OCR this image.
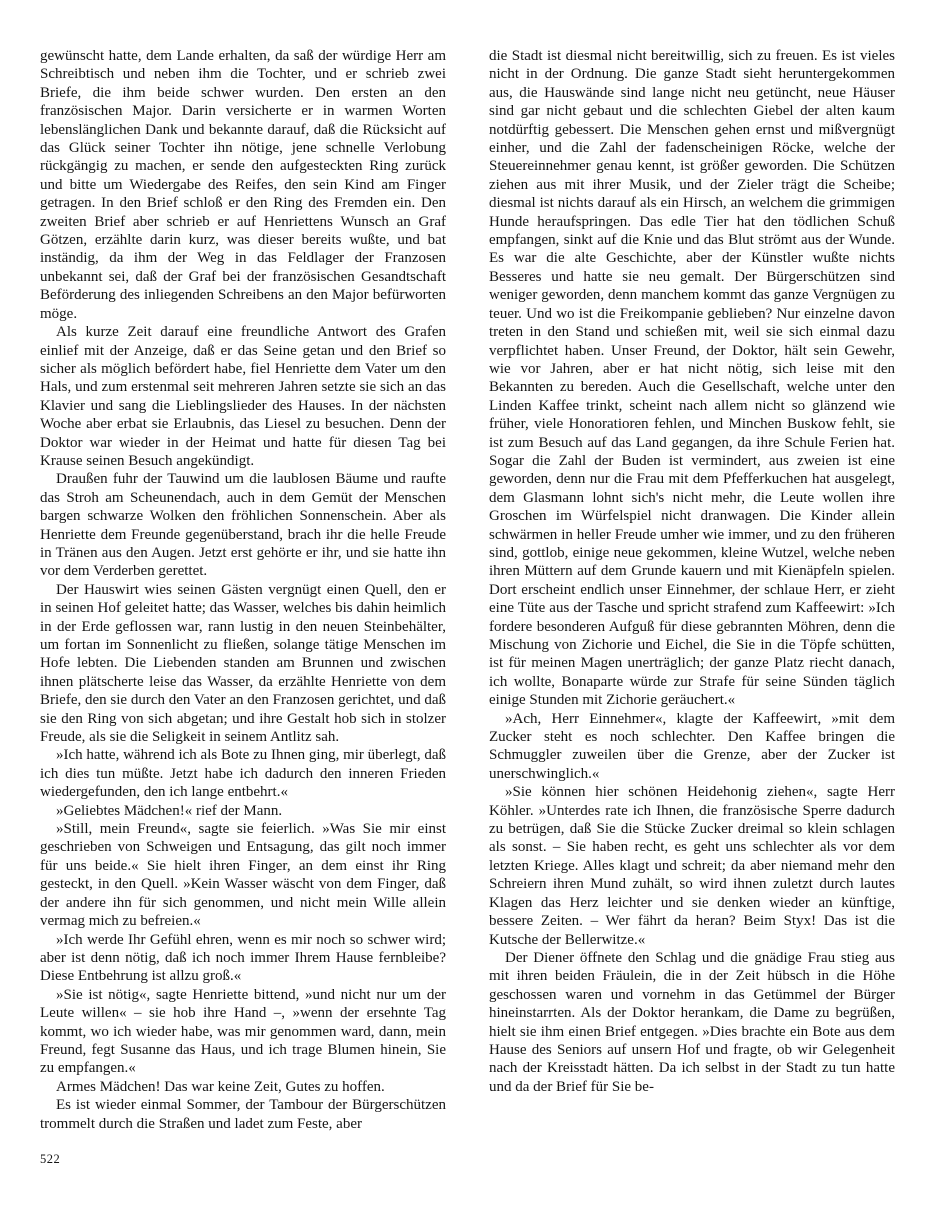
gewünscht hatte, dem Lande erhalten, da saß der würdige Herr am Schreibtisch und neben ihm die Tochter, und er schrieb zwei Briefe, die ihm beide schwer wurden. Den ersten an den französischen Major. Darin versicherte er in warmen Worten lebenslänglichen Dank und bekannte darauf, daß die Rücksicht auf das Glück seiner Tochter ihn nötige, jene schnelle Verlobung rückgängig zu machen, er sende den aufgesteckten Ring zurück und bitte um Wiedergabe des Reifes, den sein Kind am Finger getragen. In den Brief schloß er den Ring des Fremden ein. Den zweiten Brief aber schrieb er auf Henriettens Wunsch an Graf Götzen, erzählte darin kurz, was dieser bereits wußte, und bat inständig, da ihm der Weg in das Feldlager der Franzosen unbekannt sei, daß der Graf bei der französischen Gesandtschaft Beförderung des inliegenden Schreibens an den Major befürworten möge.

Als kurze Zeit darauf eine freundliche Antwort des Grafen einlief mit der Anzeige, daß er das Seine getan und den Brief so sicher als möglich befördert habe, fiel Henriette dem Vater um den Hals, und zum erstenmal seit mehreren Jahren setzte sie sich an das Klavier und sang die Lieblingslieder des Hauses. In der nächsten Woche aber erbat sie Erlaubnis, das Liesel zu besuchen. Denn der Doktor war wieder in der Heimat und hatte für diesen Tag bei Krause seinen Besuch angekündigt.

Draußen fuhr der Tauwind um die laublosen Bäume und raufte das Stroh am Scheunendach, auch in dem Gemüt der Menschen bargen schwarze Wolken den fröhlichen Sonnenschein. Aber als Henriette dem Freunde gegenüberstand, brach ihr die helle Freude in Tränen aus den Augen. Jetzt erst gehörte er ihr, und sie hatte ihn vor dem Verderben gerettet.

Der Hauswirt wies seinen Gästen vergnügt einen Quell, den er in seinen Hof geleitet hatte; das Wasser, welches bis dahin heimlich in der Erde geflossen war, rann lustig in den neuen Steinbehälter, um fortan im Sonnenlicht zu fließen, solange tätige Menschen im Hofe lebten. Die Liebenden standen am Brunnen und zwischen ihnen plätscherte leise das Wasser, da erzählte Henriette von dem Briefe, den sie durch den Vater an den Franzosen gerichtet, und daß sie den Ring von sich abgetan; und ihre Gestalt hob sich in stolzer Freude, als sie die Seligkeit in seinem Antlitz sah.

»Ich hatte, während ich als Bote zu Ihnen ging, mir überlegt, daß ich dies tun müßte. Jetzt habe ich dadurch den inneren Frieden wiedergefunden, den ich lange entbehrt.«

»Geliebtes Mädchen!« rief der Mann.

»Still, mein Freund«, sagte sie feierlich. »Was Sie mir einst geschrieben von Schweigen und Entsagung, das gilt noch immer für uns beide.« Sie hielt ihren Finger, an dem einst ihr Ring gesteckt, in den Quell. »Kein Wasser wäscht von dem Finger, daß der andere ihn für sich genommen, und nicht mein Wille allein vermag mich zu befreien.«

»Ich werde Ihr Gefühl ehren, wenn es mir noch so schwer wird; aber ist denn nötig, daß ich noch immer Ihrem Hause fernbleibe? Diese Entbehrung ist allzu groß.«

»Sie ist nötig«, sagte Henriette bittend, »und nicht nur um der Leute willen« – sie hob ihre Hand –, »wenn der ersehnte Tag kommt, wo ich wieder habe, was mir genommen ward, dann, mein Freund, fegt Susanne das Haus, und ich trage Blumen hinein, Sie zu empfangen.«

Armes Mädchen! Das war keine Zeit, Gutes zu hoffen.

Es ist wieder einmal Sommer, der Tambour der Bürgerschützen trommelt durch die Straßen und ladet zum Feste, aber

die Stadt ist diesmal nicht bereitwillig, sich zu freuen. Es ist vieles nicht in der Ordnung. Die ganze Stadt sieht heruntergekommen aus, die Hauswände sind lange nicht neu getüncht, neue Häuser sind gar nicht gebaut und die schlechten Giebel der alten kaum notdürftig gebessert. Die Menschen gehen ernst und mißvergnügt einher, und die Zahl der fadenscheinigen Röcke, welche der Steuereinnehmer genau kennt, ist größer geworden. Die Schützen ziehen aus mit ihrer Musik, und der Zieler trägt die Scheibe; diesmal ist nichts darauf als ein Hirsch, an welchem die grimmigen Hunde heraufspringen. Das edle Tier hat den tödlichen Schuß empfangen, sinkt auf die Knie und das Blut strömt aus der Wunde. Es war die alte Geschichte, aber der Künstler wußte nichts Besseres und hatte sie neu gemalt. Der Bürgerschützen sind weniger geworden, denn manchem kommt das ganze Vergnügen zu teuer. Und wo ist die Freikompanie geblieben? Nur einzelne davon treten in den Stand und schießen mit, weil sie sich einmal dazu verpflichtet haben. Unser Freund, der Doktor, hält sein Gewehr, wie vor Jahren, aber er hat nicht nötig, sich leise mit den Bekannten zu bereden. Auch die Gesellschaft, welche unter den Linden Kaffee trinkt, scheint nach allem nicht so glänzend wie früher, viele Honoratioren fehlen, und Minchen Buskow fehlt, sie ist zum Besuch auf das Land gegangen, da ihre Schule Ferien hat. Sogar die Zahl der Buden ist vermindert, aus zweien ist eine geworden, denn nur die Frau mit dem Pfefferkuchen hat ausgelegt, dem Glasmann lohnt sich's nicht mehr, die Leute wollen ihre Groschen im Würfelspiel nicht dranwagen. Die Kinder allein schwärmen in heller Freude umher wie immer, und zu den früheren sind, gottlob, einige neue gekommen, kleine Wutzel, welche neben ihren Müttern auf dem Grunde kauern und mit Kienäpfeln spielen. Dort erscheint endlich unser Einnehmer, der schlaue Herr, er zieht eine Tüte aus der Tasche und spricht strafend zum Kaffeewirt: »Ich fordere besonderen Aufguß für diese gebrannten Möhren, denn die Mischung von Zichorie und Eichel, die Sie in die Töpfe schütten, ist für meinen Magen unerträglich; der ganze Platz riecht danach, ich wollte, Bonaparte würde zur Strafe für seine Sünden täglich einige Stunden mit Zichorie geräuchert.«

»Ach, Herr Einnehmer«, klagte der Kaffeewirt, »mit dem Zucker steht es noch schlechter. Den Kaffee bringen die Schmuggler zuweilen über die Grenze, aber der Zucker ist unerschwinglich.«

»Sie können hier schönen Heidehonig ziehen«, sagte Herr Köhler. »Unterdes rate ich Ihnen, die französische Sperre dadurch zu betrügen, daß Sie die Stücke Zucker dreimal so klein schlagen als sonst. – Sie haben recht, es geht uns schlechter als vor dem letzten Kriege. Alles klagt und schreit; da aber niemand mehr den Schreiern ihren Mund zuhält, so wird ihnen zuletzt durch lautes Klagen das Herz leichter und sie denken wieder an künftige, bessere Zeiten. – Wer fährt da heran? Beim Styx! Das ist die Kutsche der Bellerwitze.«

Der Diener öffnete den Schlag und die gnädige Frau stieg aus mit ihren beiden Fräulein, die in der Zeit hübsch in die Höhe geschossen waren und vornehm in das Getümmel der Bürger hineinstarrten. Als der Doktor herankam, die Dame zu begrüßen, hielt sie ihm einen Brief entgegen. »Dies brachte ein Bote aus dem Hause des Seniors auf unsern Hof und fragte, ob wir Gelegenheit nach der Kreisstadt hätten. Da ich selbst in der Stadt zu tun hatte und da der Brief für Sie be-

522
